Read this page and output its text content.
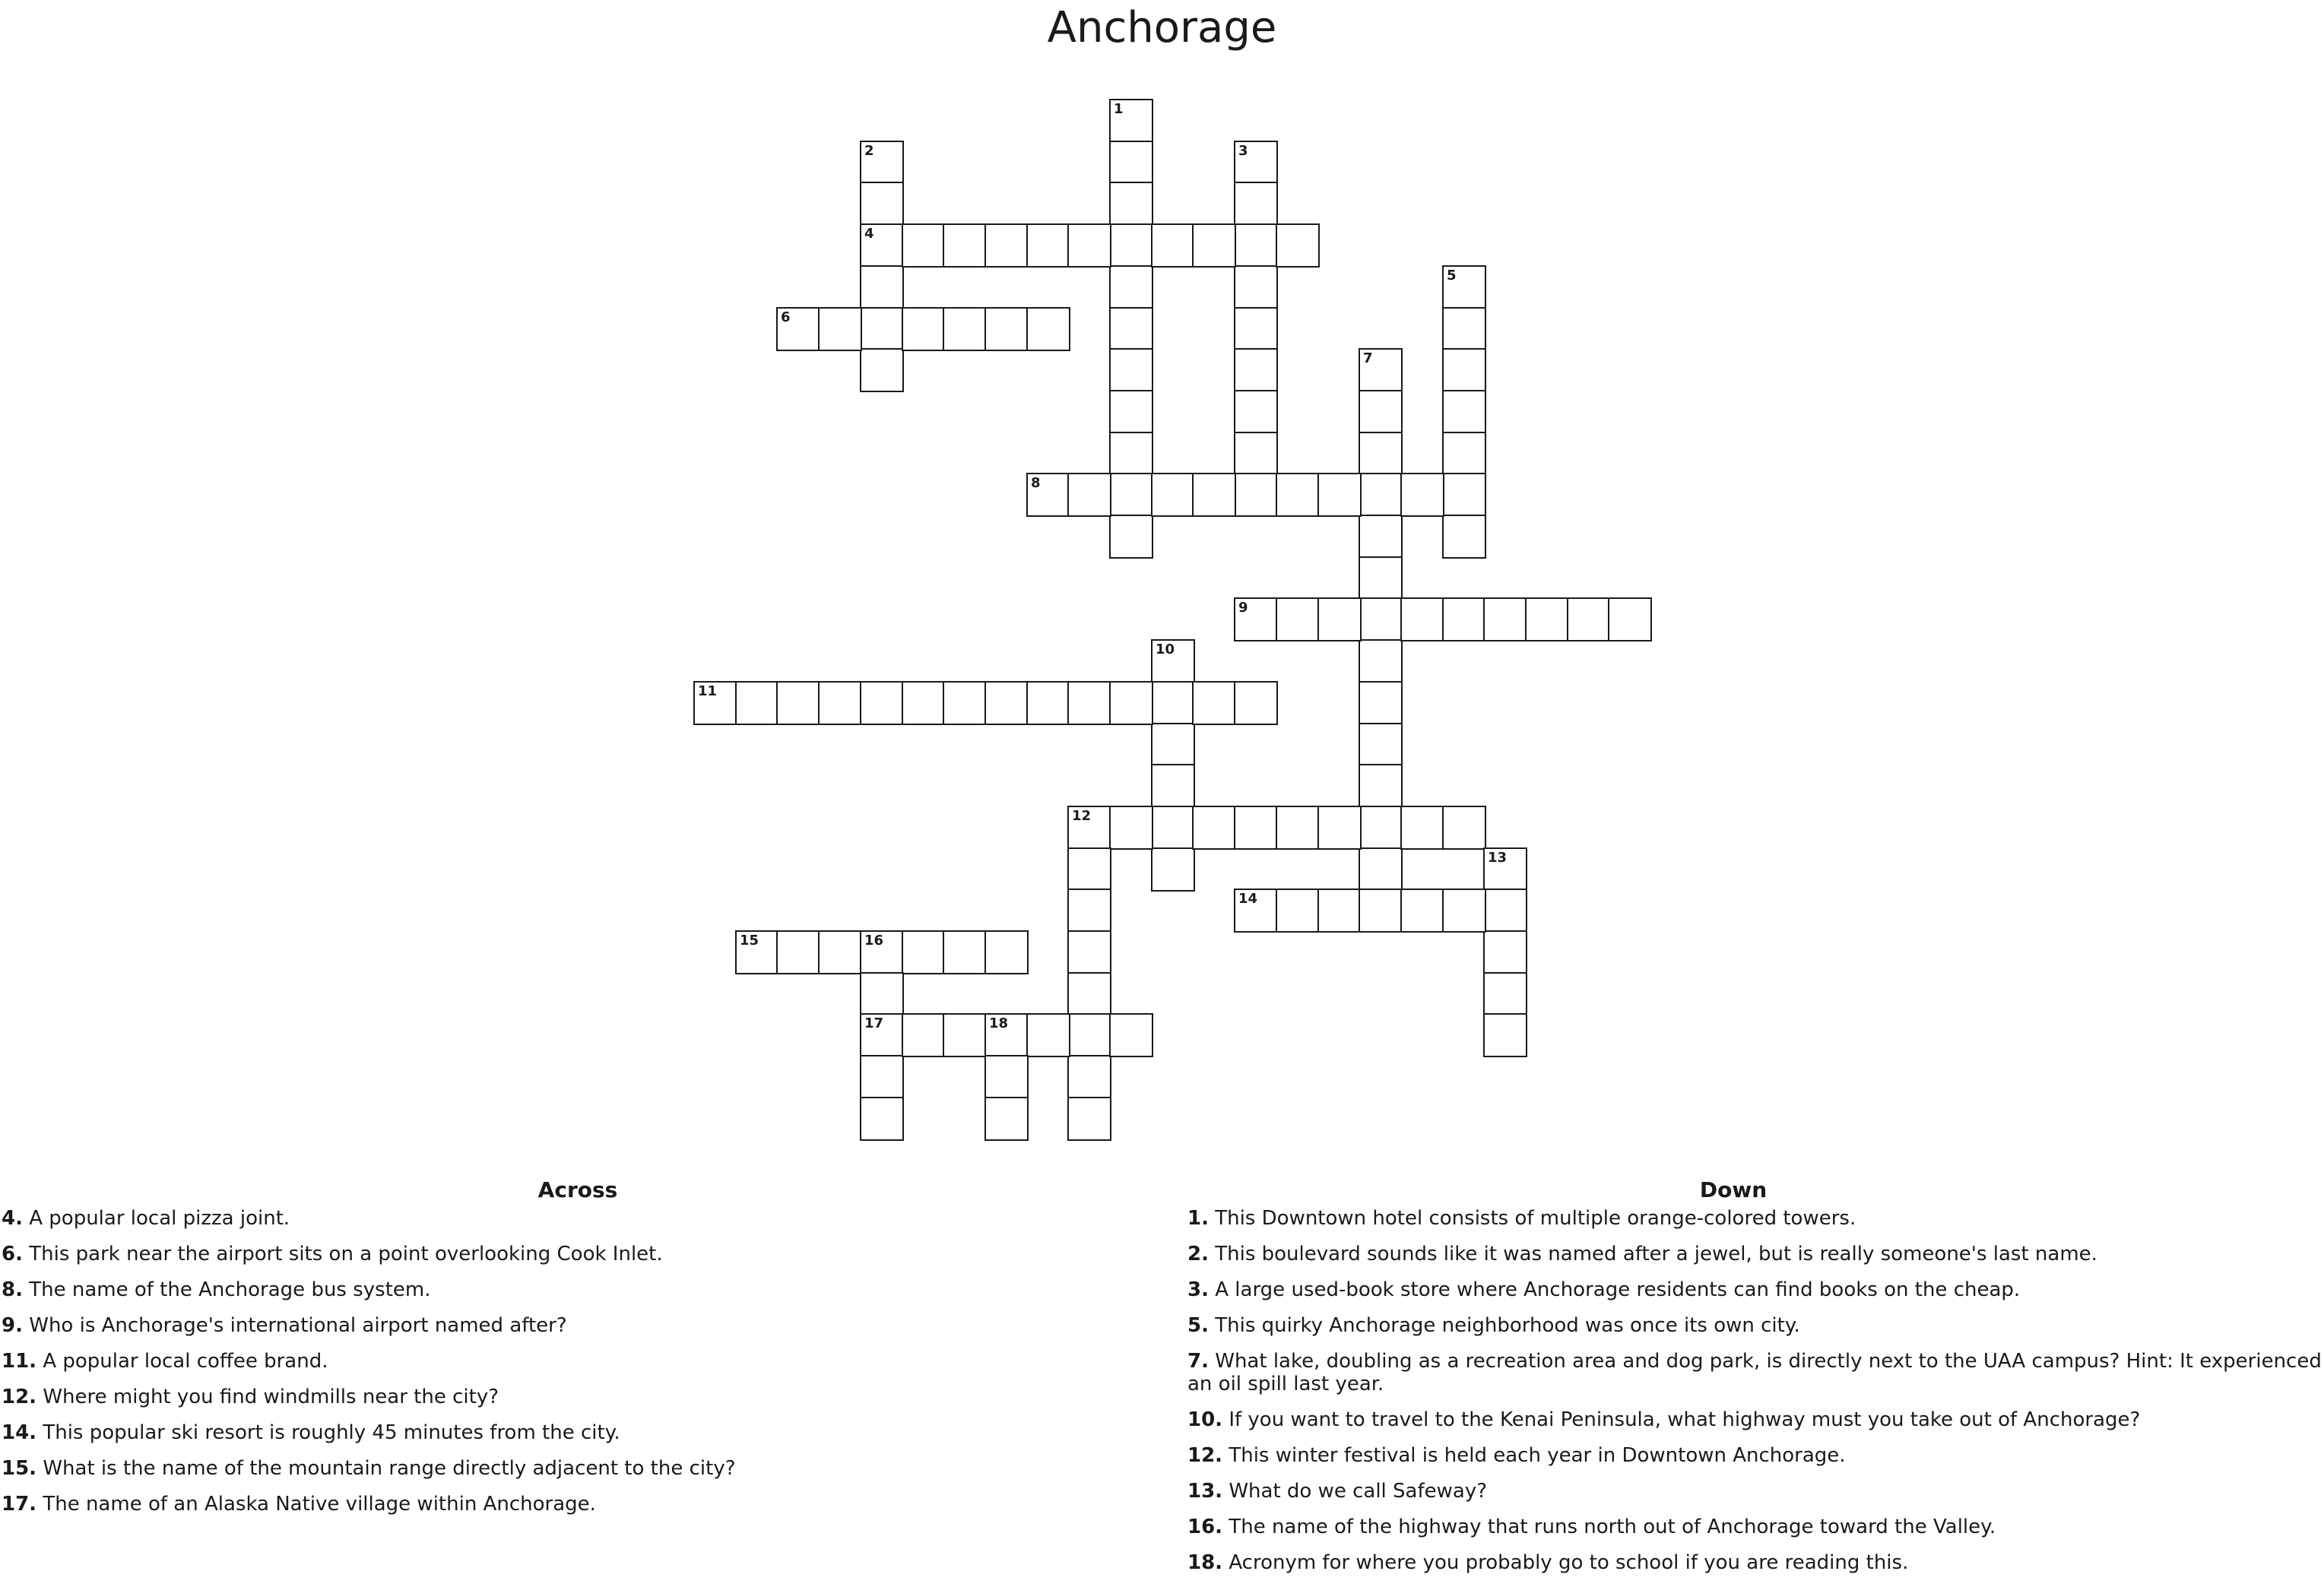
Anchorage
1
2
4
3
5
6
7
8
9
10
11
12
13
14
15	16
17	18
Across
4. A popular local pizza joint.
6. This park near the airport sits on a point overlooking Cook Inlet.
8. The name of the Anchorage bus system.
9. Who is Anchorage's international airport named after?
11. A popular local coffee brand.
12. Where might you find windmills near the city?
14. This popular ski resort is roughly 45 minutes from the city.
15. What is the name of the mountain range directly adjacent to the city?
17. The name of an Alaska Native village within Anchorage.
Down
1. This Downtown hotel consists of multiple orange-colored towers.
2. This boulevard sounds like it was named after a jewel, but is really someone's last name.
3. A large used-book store where Anchorage residents can find books on the cheap.
5. This quirky Anchorage neighborhood was once its own city.
7. What lake, doubling as a recreation area and dog park, is directly next to the UAA campus? Hint: It experienced an oil spill last year.
10. If you want to travel to the Kenai Peninsula, what highway must you take out of Anchorage?
12. This winter festival is held each year in Downtown Anchorage.
13. What do we call Safeway?
16. The name of the highway that runs north out of Anchorage toward the Valley.
18. Acronym for where you probably go to school if you are reading this.
